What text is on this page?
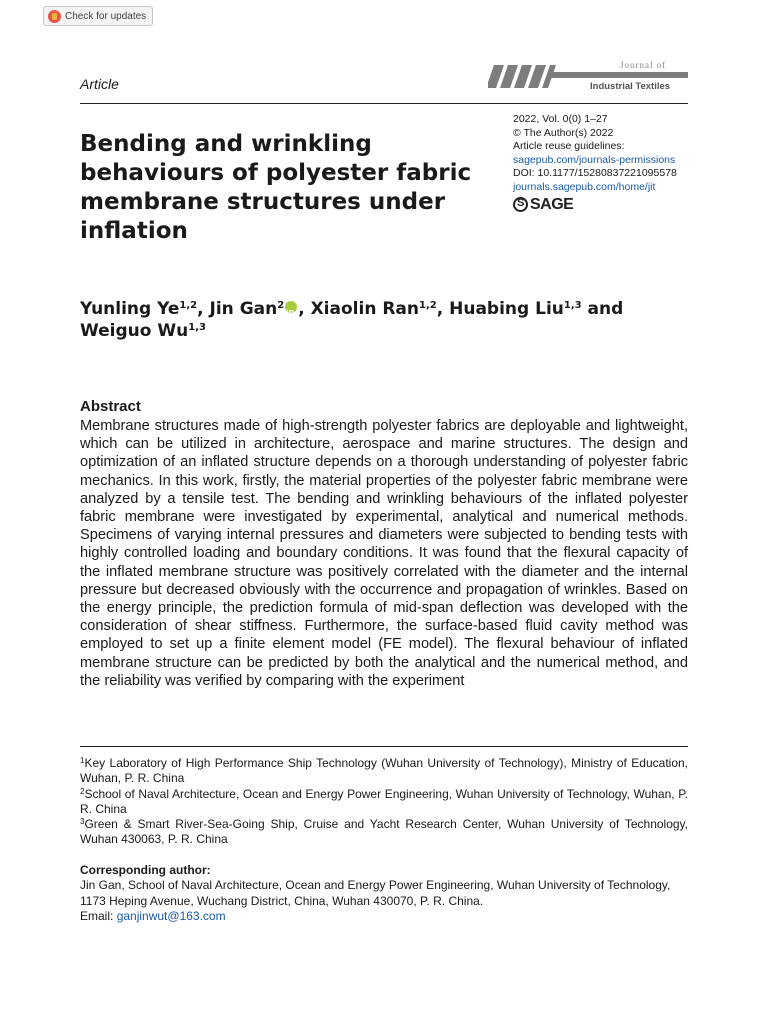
Check for updates
Article
Journal of
Industrial Textiles
Bending and wrinkling behaviours of polyester fabric membrane structures under inflation
2022, Vol. 0(0) 1–27
© The Author(s) 2022
Article reuse guidelines:
sagepub.com/journals-permissions
DOI: 10.1177/15280837221095578
journals.sagepub.com/home/jit
S
SAGE

Yunling Ye$^{1,2}$, Jin Gan$^2$iD , Xiaolin Ran$^{1,2}$, Huabing Liu$^{1,3}$ and Weiguo Wu$^{1,3}$

Abstract

Membrane structures made of high-strength polyester fabrics are deployable and lightweight, which can be utilized in architecture, aerospace and marine structures. The design and optimization of an inflated structure depends on a thorough understanding of polyester fabric mechanics. In this work, firstly, the material properties of the polyester fabric membrane were analyzed by a tensile test. The bending and wrinkling behaviours of the inflated polyester fabric membrane were investigated by experimental, analytical and numerical methods. Specimens of varying internal pressures and diameters were subjected to bending tests with highly controlled loading and boundary conditions. It was found that the flexural capacity of the inflated membrane structure was positively correlated with the diameter and the internal pressure but decreased obviously with the occurrence and propagation of wrinkles. Based on the energy principle, the prediction formula of mid-span deflection was developed with the consideration of shear stiffness. Furthermore, the surface-based fluid cavity method was employed to set up a finite element model (FE model). The flexural behaviour of inflated membrane structure can be predicted by both the analytical and the numerical method, and the reliability was verified by comparing with the experiment

$^1$Key Laboratory of High Performance Ship Technology (Wuhan University of Technology), Ministry of Education, Wuhan, P. R. China

$^2$School of Naval Architecture, Ocean and Energy Power Engineering, Wuhan University of Technology, Wuhan, P. R. China

$^3$Green & Smart River-Sea-Going Ship, Cruise and Yacht Research Center, Wuhan University of Technology, Wuhan 430063, P. R. China

Corresponding author:

Jin Gan, School of Naval Architecture, Ocean and Energy Power Engineering, Wuhan University of Technology, 1173 Heping Avenue, Wuchang District, China, Wuhan 430070, P. R. China.

Email: ganjinwut@163.com
